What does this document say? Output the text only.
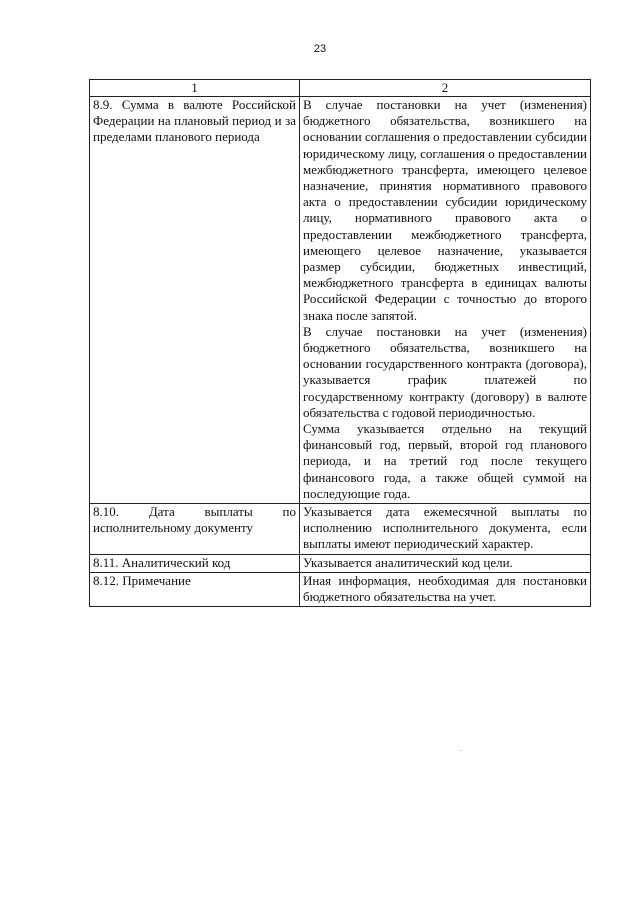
23
1	2
8.9. Сумма в валюте Российской Федерации на плановый период и за пределами планового периода	В случае постановки на учет (изменения) бюджетного обязательства, возникшего на основании соглашения о предоставлении субсидии юридическому лицу, соглашения о предоставлении межбюджетного трансферта, имеющего целевое назначение, принятия нормативного правового акта о предоставлении субсидии юридическому лицу, нормативного правового акта о предоставлении межбюджетного трансферта, имеющего целевое назначение, указывается размер субсидии, бюджетных инвестиций, межбюджетного трансферта в единицах валюты Российской Федерации с точностью до второго знака после запятой.
В случае постановки на учет (изменения) бюджетного обязательства, возникшего на основании государственного контракта (договора), указывается график платежей по государственному контракту (договору) в валюте обязательства с годовой периодичностью.
Сумма указывается отдельно на текущий финансовый год, первый, второй год планового периода, и на третий год после текущего финансового года, а также общей суммой на последующие года.

8.10. Дата выплаты по исполнительному документу	Указывается дата ежемесячной выплаты по исполнению исполнительного документа, если выплаты имеют периодический характер.

8.11. Аналитический код	Указывается аналитический код цели.

8.12. Примечание	Иная информация, необходимая для постановки бюджетного обязательства на учет.
